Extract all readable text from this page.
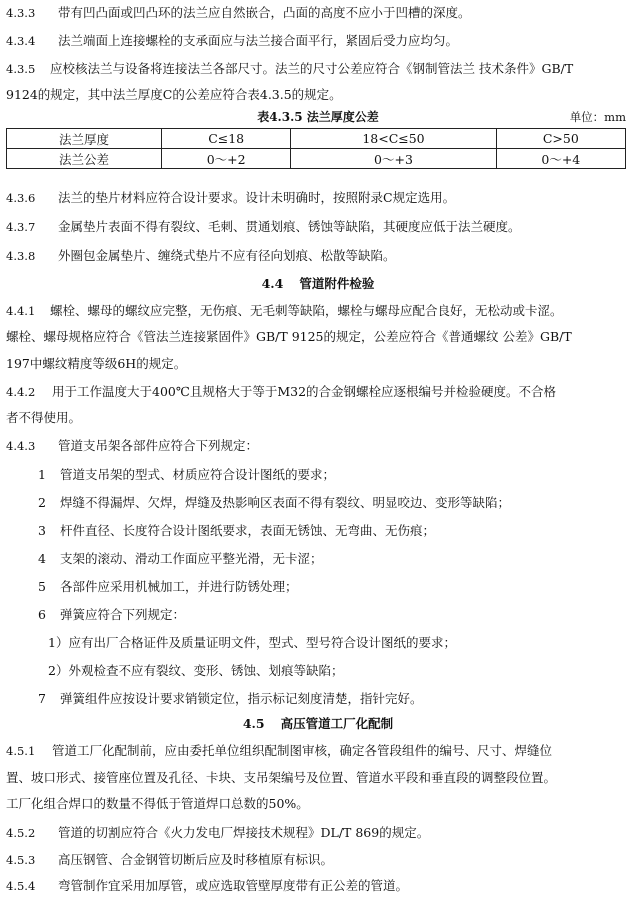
4.3.3 带有凹凸面或凹凸环的法兰应自然嵌合，凸面的高度不应小于凹槽的深度。
4.3.4 法兰端面上连接螺栓的支承面应与法兰接合面平行，紧固后受力应均匀。
4.3.5 应校核法兰与设备将连接法兰各部尺寸。法兰的尺寸公差应符合《钢制管法兰 技术条件》GB/T
9124的规定，其中法兰厚度C的公差应符合表4.3.5的规定。
表4.3.5 法兰厚度公差	单位：mm
法兰厚度	C≤18	18<C≤50	C>50
法兰公差	0～+2	0～+3	0～+4
4.3.6 法兰的垫片材料应符合设计要求。设计未明确时，按照附录C规定选用。
4.3.7 金属垫片表面不得有裂纹、毛刺、贯通划痕、锈蚀等缺陷，其硬度应低于法兰硬度。
4.3.8 外圈包金属垫片、缠绕式垫片不应有径向划痕、松散等缺陷。
4.4 管道附件检验
4.4.1 螺栓、螺母的螺纹应完整，无伤痕、无毛刺等缺陷，螺栓与螺母应配合良好，无松动或卡涩。
螺栓、螺母规格应符合《管法兰连接紧固件》GB/T 9125的规定，公差应符合《普通螺纹 公差》GB/T
197中螺纹精度等级6H的规定。
4.4.2 用于工作温度大于400℃且规格大于等于M32的合金钢螺栓应逐根编号并检验硬度。不合格
者不得使用。
4.4.3 管道支吊架各部件应符合下列规定：
1 管道支吊架的型式、材质应符合设计图纸的要求；
2 焊缝不得漏焊、欠焊，焊缝及热影响区表面不得有裂纹、明显咬边、变形等缺陷；
3 杆件直径、长度符合设计图纸要求，表面无锈蚀、无弯曲、无伤痕；
4 支架的滚动、滑动工作面应平整光滑，无卡涩；
5 各部件应采用机械加工，并进行防锈处理；
6 弹簧应符合下列规定：
1）应有出厂合格证件及质量证明文件，型式、型号符合设计图纸的要求；
2）外观检查不应有裂纹、变形、锈蚀、划痕等缺陷；
7 弹簧组件应按设计要求销锁定位，指示标记刻度清楚，指针完好。
4.5 高压管道工厂化配制
4.5.1 管道工厂化配制前，应由委托单位组织配制图审核，确定各管段组件的编号、尺寸、焊缝位
置、坡口形式、接管座位置及孔径、卡块、支吊架编号及位置、管道水平段和垂直段的调整段位置。
工厂化组合焊口的数量不得低于管道焊口总数的50%。
4.5.2 管道的切割应符合《火力发电厂焊接技术规程》DL/T 869的规定。
4.5.3 高压钢管、合金钢管切断后应及时移植原有标识。
4.5.4 弯管制作宜采用加厚管，或应选取管壁厚度带有正公差的管道。
